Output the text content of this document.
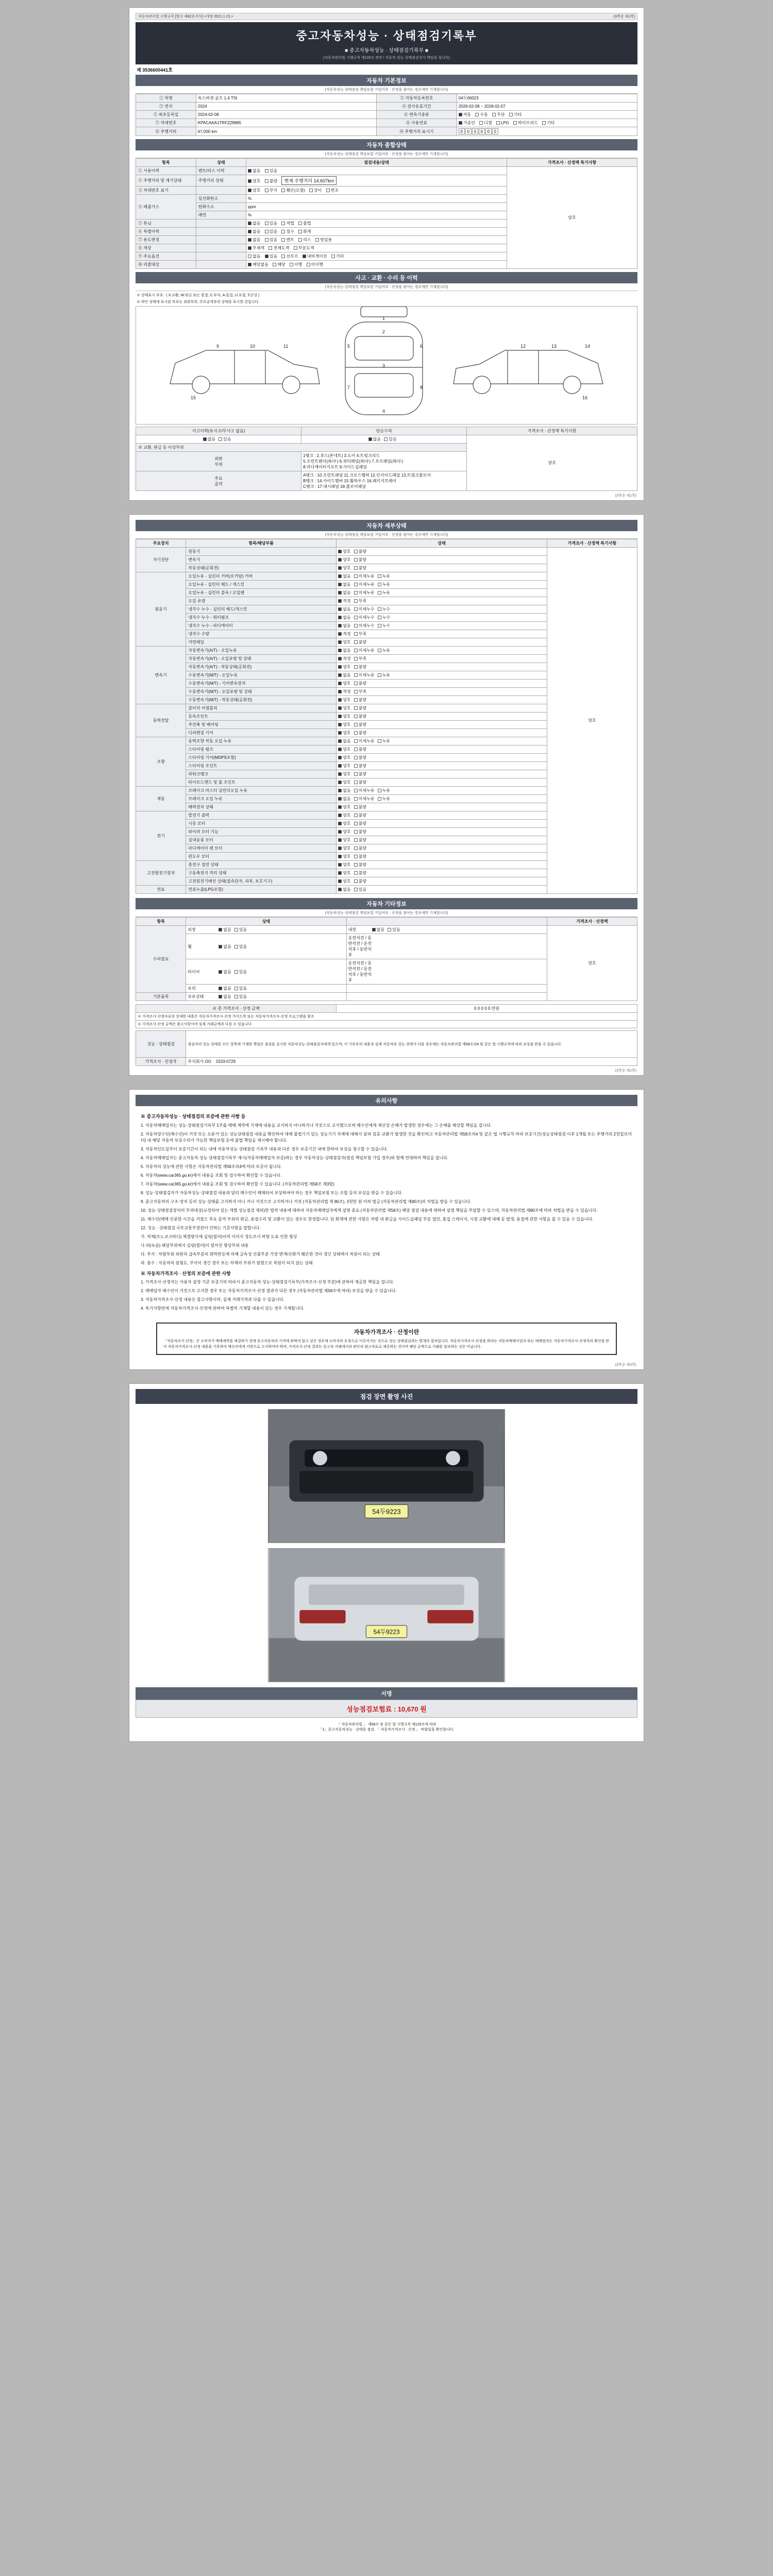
자동차관리법 시행규칙 [별지 제82호서식] <개정 2021.1.15.>	(3쪽중 제1쪽)
중고자동차성능 · 상태점검기록부
■ 중고자동차성능 · 상태점검기록부 ■
(자동차관리법 시행규칙 제120조 관련 / 자동차 성능·상태점검자가 책임을 집니다)
제 3536600441호
자동차 기본정보
(자동차성능·상태점검 책임보험 가입여부 : 산정을 참여는 경우에만 기재합니다)
① 차명	폭스바겐 골프 1.4 TSI	② 자동차등록번호	04두06023
③ 연식	2024	④ 검사유효기간	2026-02-08 ~ 2028-02-07
⑤ 최초등록일	2024-02-08	⑥ 변속기종류	자동 수동 무단 기타
⑦ 차대번호	KPACAAA1TRFZ29885	⑧ 사용연료	가솔린 디젤 LPG 하이브리드 기타
⑪ 주행거리	67,000 km	⑭ 주행거리 표시기	0 0 0 0 0 0
자동차 종합상태
(자동차성능·상태점검 책임보험 가입여부 : 산정을 참여는 경우에만 기재합니다)
항목	상태	점검내용/상태	가격조사 · 산정액 특기사항
① 사용이력	렌트/리스 이력	없음 있음	양호
② 주행거리 및 계기상태	주행거리 상태	양호 불량 현재 주행거리 14,607km	
③ 차대번호 표기		양호 부식 훼손(오염) 상이 변조	
④ 배출가스	일산화탄소	%	
	탄화수소	ppm	
	매연	%	
⑤ 튜닝		없음 있음 적법 불법	
⑥ 특별이력		없음 있음 침수 화재	
⑦ 용도변경		없음 있음 렌트 리스 영업용	
⑧ 색상		무채색 전체도색 부분도색	
⑨ 주요옵션		없음 있음 선루프 내비게이션 기타	
⑩ 리콜대상		해당없음 해당 이행 미이행	
사고 · 교환 · 수리 등 이력
(자동차성능·상태점검 책임보험 가입여부 : 산정을 참여는 경우에만 기재합니다)
※ 상태표시 부호 : ( X:교환, W:판금 또는 용접, C:부식, A:흠집, U:요철, T:손상 )
※ 하단 상태에 표시된 부호는 외판부위, 주요골격부위 상태를 표시한 것입니다.
1
2
3
4
5	6
7	8
9	10	11	12	13	14
15	16
사고이력(유사고/무사고 없음)	단순수리	가격조사 · 산정액 특기사항
없음 있음	없음 있음	양호
※ 교환, 판금 등 이상부위		
외판
부위	
1랭크 : 2.후드(본네트) 3.도어 4.트렁크리드
5.프런트펜더(좌/우) 6.쿼터패널(좌/우) 7.루프패널(좌/우)
8.라디에이터서포트 9.사이드실패널

주요
골격	
A랭크 : 10.프런트패널 11.크로스멤버 12.인사이드패널 13.트렁크플로어
B랭크 : 14.사이드멤버 15.휠하우스 16.패키지트레이
C랭크 : 17.대시패널 18.플로어패널
(3쪽중 제1쪽)
자동차 세부상태
(자동차성능·상태점검 책임보험 가입여부 : 산정을 참여는 경우에만 기재합니다)
주요장치	항목/해당부품	상태	가격조사 · 산정액 특기사항
자기진단	원동기	양호 불량	양호
	변속기	양호 불량	
	작동상태(공회전)	양호 불량	
원동기	오일누유 - 실린더 커버(로커암) 커버	없음 미세누유 누유	
	오일누유 - 실린더 헤드 / 개스킷	없음 미세누유 누유	
	오일누유 - 실린더 블록 / 오일팬	없음 미세누유 누유	
	오일 유량	적정 부족	
	냉각수 누수 - 실린더 헤드/개스킷	없음 미세누수 누수	
	냉각수 누수 - 워터펌프	없음 미세누수 누수	
	냉각수 누수 - 라디에이터	없음 미세누수 누수	
	냉각수 수량	적정 부족	
	커먼레일	양호 불량	
변속기	자동변속기(A/T) - 오일누유	없음 미세누유 누유	
	자동변속기(A/T) - 오일유량 및 상태	적정 부족	
	자동변속기(A/T) - 작동상태(공회전)	양호 불량	
	수동변속기(M/T) - 오일누유	없음 미세누유 누유	
	수동변속기(M/T) - 기어변속장치	양호 불량	
	수동변속기(M/T) - 오일유량 및 상태	적정 부족	
	수동변속기(M/T) - 작동상태(공회전)	양호 불량	
동력전달	클러치 어셈블리	양호 불량	
	등속조인트	양호 불량	
	추진축 및 베어링	양호 불량	
	디퍼렌셜 기어	양호 불량	
조향	동력조향 작동 오일 누유	없음 미세누유 누유	
	스티어링 펌프	양호 불량	
	스티어링 기어(MDPS포함)	양호 불량	
	스티어링 조인트	양호 불량	
	파워크랭크	양호 불량	
	타이로드엔드 및 볼 조인트	양호 불량	
제동	브레이크 마스터 실린더오일 누유	없음 미세누유 누유	
	브레이크 오일 누유	없음 미세누유 누유	
	배력장치 상태	양호 불량	
전기	발전기 출력	양호 불량	
	시동 모터	양호 불량	
	와이퍼 모터 기능	양호 불량	
	실내송풍 모터	양호 불량	
	라디에이터 팬 모터	양호 불량	
	윈도우 모터	양호 불량	
고전원전기장치	충전구 절연 상태	양호 불량	
	구동축전지 격리 상태	양호 불량	
	고전원전기배선 상태(접속단자, 피복, 보호기구)	양호 불량	
연료	연료누출(LPG포함)	없음 있음	
자동차 기타정보
(자동차성능·상태점검 책임보험 가입여부 : 산정을 참여는 경우에만 기재합니다)
항목	상태		가격조사 · 산정액
수리필요	외장 없음 있음	내장 없음 있음	양호
	휠 없음 있음	운전석전 / 동반석전 / 운전석후 / 동반석후	
	타이어 없음 있음	운전석전 / 동반석전 / 운전석후 / 동반석후	
	유리 없음 있음		
기본품목	보유상태 없음 있음		
※ 총 가격조사 · 산정 금액	0 0 0 0 0 만원
※ 가격조사·산정자료의 상세한 내용은 자동차가격조사·산정 가이드북 또는 자동차가격조사·산정 프로그램을 참조
※ 가격조사·산정 금액은 참고사항이며 실제 거래금액과 다를 수 있습니다
성능 · 상태점검	점검자의 성능·상태를 모든 항목에 기재한 책임은 점검을 실시한 자동차성능·상태점검자에게 있으며, 이 기록부의 내용과 실제 자동차의 성능·상태가 다를 경우에는 자동차관리법 제58조의4 및 같은 법 시행규칙에 따라 보상을 받을 수 있습니다.
가격조사 · 산정자	주식회사 OO 1533-0729
(3쪽중 제2쪽)
유의사항
※ 중고자동차성능 · 상태점검의 보증에 관한 사항 등

1. 자동차매매업자는 성능·상태점검기록부 1부를 매매 계약에 기재에 내용을 교지하지 아니하거나 거짓으로 교지했으로써 매수인에게 재산상 손해가 발생한 경우에는 그 손해를 배상할 책임을 집니다.

2. 자동차양수인(매수인)이 거짓 또는 오류가 있는 성능상태점검 내용을 확인하여 대해 불법기기 있는 성능기기 자체에 대해서 살펴 검증·교환가 발생한 것을 확인하고 자동차관리법 제58조의4 및 같은 법 시행규칙 따라 보증기간(성능상태점검 이후 1개월 또는 주행거리 2천킬로미터) 내 해당 자동차 보증수리가 가능한 책임보험 등에 불법 책임을 제시해야 합니다.

3. 자동차인도일부터 보증기간이 되는 내에 자동차성능·상태점검 기록부 내용과 다른 경우 보증기간 내에 한하여 보상을 청구할 수 있습니다.

4. 자동차매매업자는 중고자동차 성능·상태점검기록부 제시(자동차매매업자 보증)하는 경우 자동차성능·상태점검자(점검 책임보험 가입 경우)와 함께 연대하여 책임을 집니다.

5. 자동차의 성능에 관한 사항은 자동차관리법 제58조의4에 따라 보증이 됩니다.

6. 자동차(www.car365.go.kr)에서 내용을 조회 및 검수하여 확인할 수 있습니다.

7. 자동차(www.car365.go.kr)에서 내용을 조회 및 검수하여 확인할 수 있습니다. (자동차관리법 제58조 제3항)

8. 성능·상태점검자가 자동차성능·상태점검 내용과 달리 매수인이 매매되어 보상하여야 하는 경우 책임보험 또는 조합 등의 보상을 받을 수 있습니다.

9. 중고자동차의 구조·장치 등의 성능·상태를 고지하지 아니 거나 거짓으로 고지하거나 거짓 (자동차관리법 제 80조), 3천만 원 이하 벌금 (자동차관리법 제80조)의 처벌을 받을 수 있습니다.

10. 성능·상태점검장치의 부과대상(규정되어 있는 개별 성능점검 제외)한 법적 내용에 대하여 자동차매매업자에게 설명 중요 (자동차관리법 제58조) 해당 점검 내용에 대하여 설명 책임을 부담할 수 있으며, 자동차관리법 제80조에 따라 처벌을 받을 수 있습니다.

11. 매수인(매매 인중한 시간을 거쳤으 주요 골격 부위의 판금, 용접수리 및 교환이 있는 경우로 한정합니다. 단 화재에 관한 사항은 차량 내 판금을 사이드실패널 부분 열린, 흠집 스테이지, 시장 교환에 대해 등 발생, 용접에 관한 사항을 볼 수 있음 수 있습니다.

12. 성능 · 상태점검 국토교통부장관이 인하는 기준사항을 말합니다.

가. 차체(모노코크바디) 체결방식에 실링(씰러)이며 이미지 정도로서 바탕 도료 인한 형상

나.외(녹슴) 패널부위에서 실링(씰러)이 덮어진 형상부위 내용

다. 부식 : 차량부위 외판의 급속부분의 화학반응에 의해 금속성 산출부분 가장 변색/산화가 훼손한 것이 생긴 상태에서 복원이 되는 상태

라. 흠수 : 자동차의 원형도, 부식이 생긴 경우 또는 차체의 부위가 원형으로 복원이 되지 않는 상태

※ 자동차가격조사 · 산정의 보증에 관한 사항

1. 가격조사·산정자는 사용자 설정 기준 보증기의 따라서 중고자동차 성능·상태점검기록부(가격조사·산정 부분)에 관하여 제공한 책임을 집니다.

2. 매매업자 매수인이 거짓으로 고지한 경우 또는 자동차가격조사·산정 결과가 다른 경우 (자동차관리법 제58조에 따라) 보상을 받을 수 있습니다.

3. 자동차가격조사·산정 내용은 참고사항이며, 실제 거래가격과 다를 수 있습니다.

4. 특기사항란에 자동차가격조사·산정에 관하여 특별히 기재할 내용이 있는 경우 기재합니다.

자동차가격조사 · 산정이란
「자동차조사·산정」은 소비자가 매매계약을 체결하기 전에 중고자동차의 가격에 관하여 알고 싶은 경우에 소비자의 요청으로 이루어지는 것으로 성능·상태점검과는 별개의 절차입니다. 자동차가격조사·산정을 하려는 자동차매매사업자 또는 매매업자는 자동차가격조사·산정자의 확인을 받아 자동차가격조사·산정 내용을 기록하여 매수인에게 서면으로 고지하여야 하며, 가격조사·산정 결과는 중고차 거래에서의 판단의 참고자료로 제공하는 것이며 해당 금액으로 거래를 담보하는 것은 아닙니다.
(3쪽중 제3쪽)
점검 장면 촬영 사진
54두9223
54두9223
서명
성능점검보험료 : 10,670 원
「 자동차관리법 」 제58조 및 같은 법 시행규칙 제120조에 따라
「1」중고자동차성능 · 상태를 점검, 「 자동차가격조사 · 산정 」 바랍입을 확인합니다.
